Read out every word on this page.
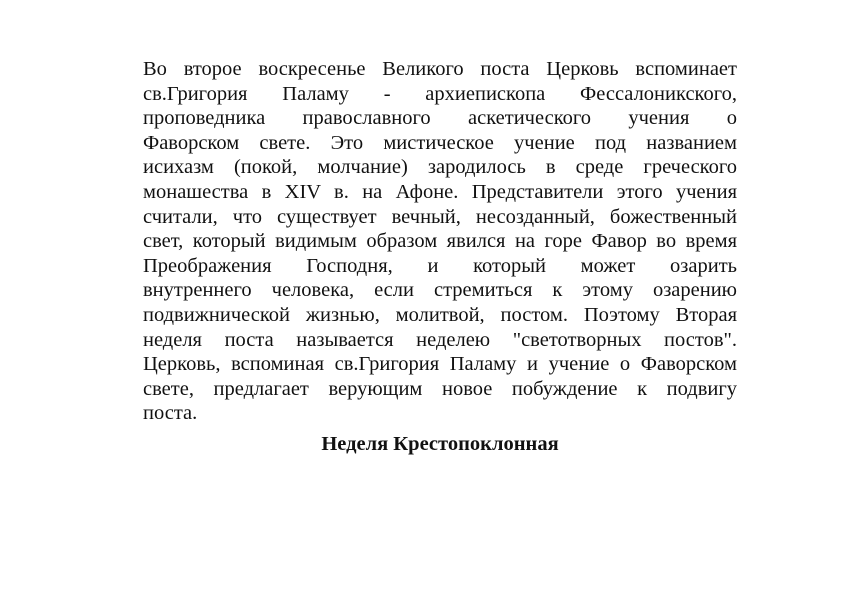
Во второе воскресенье Великого поста Церковь вспоминает
св.Григория Паламу - архиепископа Фессалоникского,
проповедника православного аскетического учения о
Фаворском свете. Это мистическое учение под названием
исихазм (покой, молчание) зародилось в среде греческого
монашества в XIV в. на Афоне. Представители этого учения
считали, что существует вечный, несозданный, божественный
свет, который видимым образом явился на горе Фавор во время
Преображения Господня, и который может озарить
внутреннего человека, если стремиться к этому озарению
подвижнической жизнью, молитвой, постом. Поэтому Вторая
неделя поста называется неделею "светотворных постов".
Церковь, вспоминая св.Григория Паламу и учение о Фаворском
свете, предлагает верующим новое побуждение к подвигу
поста.
Неделя Крестопоклонная
